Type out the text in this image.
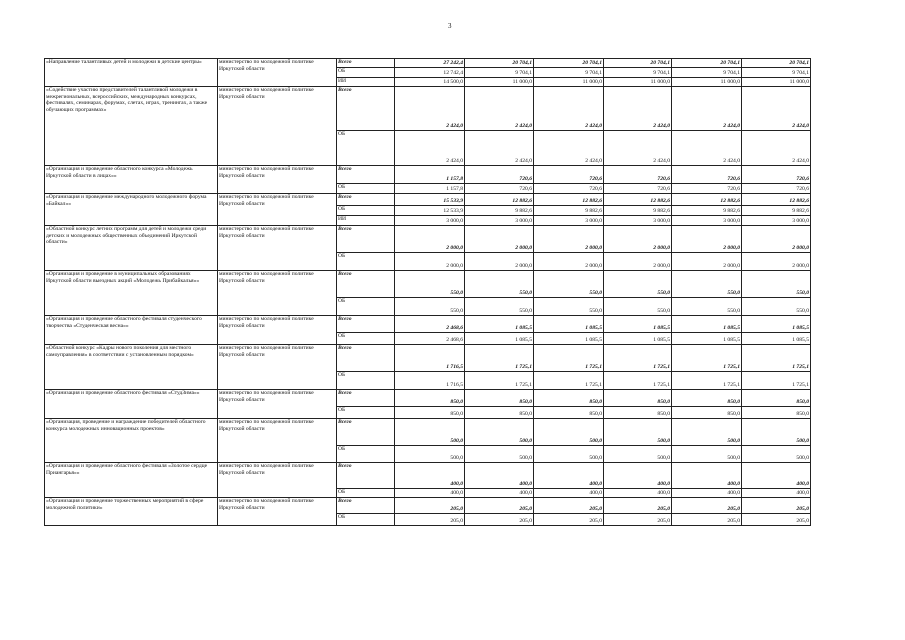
3
«Направление талантливых детей и молодежи в детские центры»	министерство по молодежной политике Иркутской области	Всего	27 242,4	20 704,1	20 704,1	20 704,1	20 704,1	20 704,1
		ОБ	12 742,4	9 704,1	9 704,1	9 704,1	9 704,1	9 704,1
		ИИ	14 500,0	11 000,0	11 000,0	11 000,0	11 000,0	11 000,0

«Содействие участию представителей талантливой молодежи в межрегиональных, всероссийских, международных конкурсах, фестивалях, семинарах, форумах, слетах, играх, тренингах, а также обучающих программах»	министерство по молодежной политике Иркутской области	Всего	2 424,0	2 424,0	2 424,0	2 424,0	2 424,0	2 424,0
		ОБ	2 424,0	2 424,0	2 424,0	2 424,0	2 424,0	2 424,0

«Организация и проведение областного конкурса «Молодежь Иркутской области в лицах»»	министерство по молодежной политике Иркутской области	Всего	1 157,8	720,6	720,6	720,6	720,6	720,6
		ОБ	1 157,8	720,6	720,6	720,6	720,6	720,6

«Организация и проведение международного молодежного форума «Байкал»»	министерство по молодежной политике Иркутской области	Всего	15 533,9	12 882,6	12 882,6	12 882,6	12 882,6	12 882,6
		ОБ	12 533,9	9 882,6	9 882,6	9 882,6	9 882,6	9 882,6
		ИИ	3 000,0	3 000,0	3 000,0	3 000,0	3 000,0	3 000,0

«Областной конкурс летних программ для детей и молодежи среди детских и молодежных общественных объединений Иркутской области»	министерство по молодежной политике Иркутской области	Всего	2 000,0	2 000,0	2 000,0	2 000,0	2 000,0	2 000,0
		ОБ	2 000,0	2 000,0	2 000,0	2 000,0	2 000,0	2 000,0

«Организация и проведение в муниципальных образованиях Иркутской области выездных акций «Молодежь Прибайкалья»»	министерство по молодежной политике Иркутской области	Всего	550,0	550,0	550,0	550,0	550,0	550,0
		ОБ	550,0	550,0	550,0	550,0	550,0	550,0

«Организация и проведение областного фестиваля студенческого творчества «Студенческая весна»»	министерство по молодежной политике Иркутской области	Всего	2 468,6	1 085,5	1 085,5	1 085,5	1 085,5	1 085,5
		ОБ	2 468,6	1 085,5	1 085,5	1 085,5	1 085,5	1 085,5

«Областной конкурс «Кадры нового поколения для местного самоуправления» в соответствии с установленным порядком»	министерство по молодежной политике Иркутской области	Всего	1 716,5	1 725,1	1 725,1	1 725,1	1 725,1	1 725,1
		ОБ	1 716,5	1 725,1	1 725,1	1 725,1	1 725,1	1 725,1

«Организация и проведение областного фестиваля «СтудЗима»»	министерство по молодежной политике Иркутской области	Всего	850,0	850,0	850,0	850,0	850,0	850,0
		ОБ	850,0	850,0	850,0	850,0	850,0	850,0

«Организация, проведение и награждение победителей областного конкурса молодежных инновационных проектов»	министерство по молодежной политике Иркутской области	Всего	500,0	500,0	500,0	500,0	500,0	500,0
		ОБ	500,0	500,0	500,0	500,0	500,0	500,0

«Организация и проведение областного фестиваля «Золотое сердце Приангарья»»	министерство по молодежной политике Иркутской области	Всего	400,0	400,0	400,0	400,0	400,0	400,0
		ОБ	400,0	400,0	400,0	400,0	400,0	400,0

«Организация и проведение торжественных мероприятий в сфере молодежной политики»	министерство по молодежной политике Иркутской области	Всего	205,0	205,0	205,0	205,0	205,0	205,0
		ОБ	205,0	205,0	205,0	205,0	205,0	205,0
